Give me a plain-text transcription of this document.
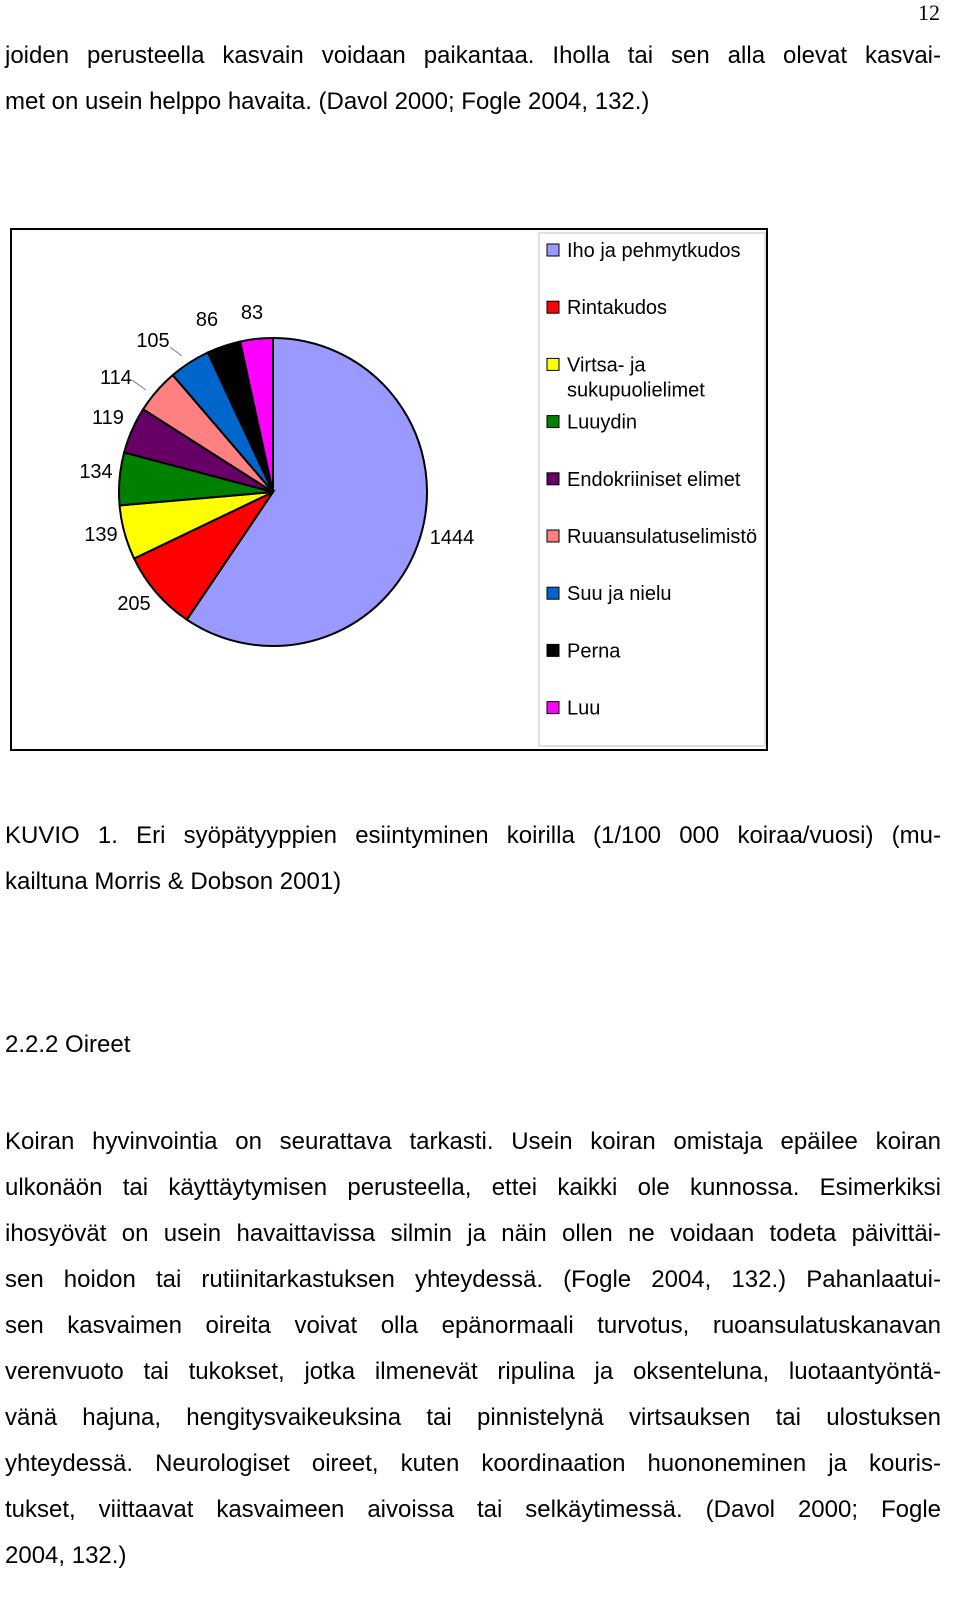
12

joiden perusteella kasvain voidaan paikantaa. Iholla tai sen alla olevat kasvai-
met on usein helppo havaita. (Davol 2000; Fogle 2004, 132.)

1444
205
139
134
119
114
105
86 83
Iho ja pehmytkudos
Rintakudos
Virtsa- ja
sukupuolielimet
Luuydin
Endokriiniset elimet
Ruuansulatuselimistö
Suu ja nielu
Perna
Luu

KUVIO 1. Eri syöpätyyppien esiintyminen koirilla (1/100 000 koiraa/vuosi) (mu-
kailtuna Morris & Dobson 2001)

2.2.2 Oireet

Koiran hyvinvointia on seurattava tarkasti. Usein koiran omistaja epäilee koiran
ulkonäön tai käyttäytymisen perusteella, ettei kaikki ole kunnossa. Esimerkiksi
ihosyövät on usein havaittavissa silmin ja näin ollen ne voidaan todeta päivittäi-
sen hoidon tai rutiinitarkastuksen yhteydessä. (Fogle 2004, 132.) Pahanlaatui-
sen kasvaimen oireita voivat olla epänormaali turvotus, ruoansulatuskanavan
verenvuoto tai tukokset, jotka ilmenevät ripulina ja oksenteluna, luotaantyöntä-
vänä hajuna, hengitysvaikeuksina tai pinnistelynä virtsauksen tai ulostuksen
yhteydessä. Neurologiset oireet, kuten koordinaation huononeminen ja kouris-
tukset, viittaavat kasvaimeen aivoissa tai selkäytimessä. (Davol 2000; Fogle
2004, 132.)
